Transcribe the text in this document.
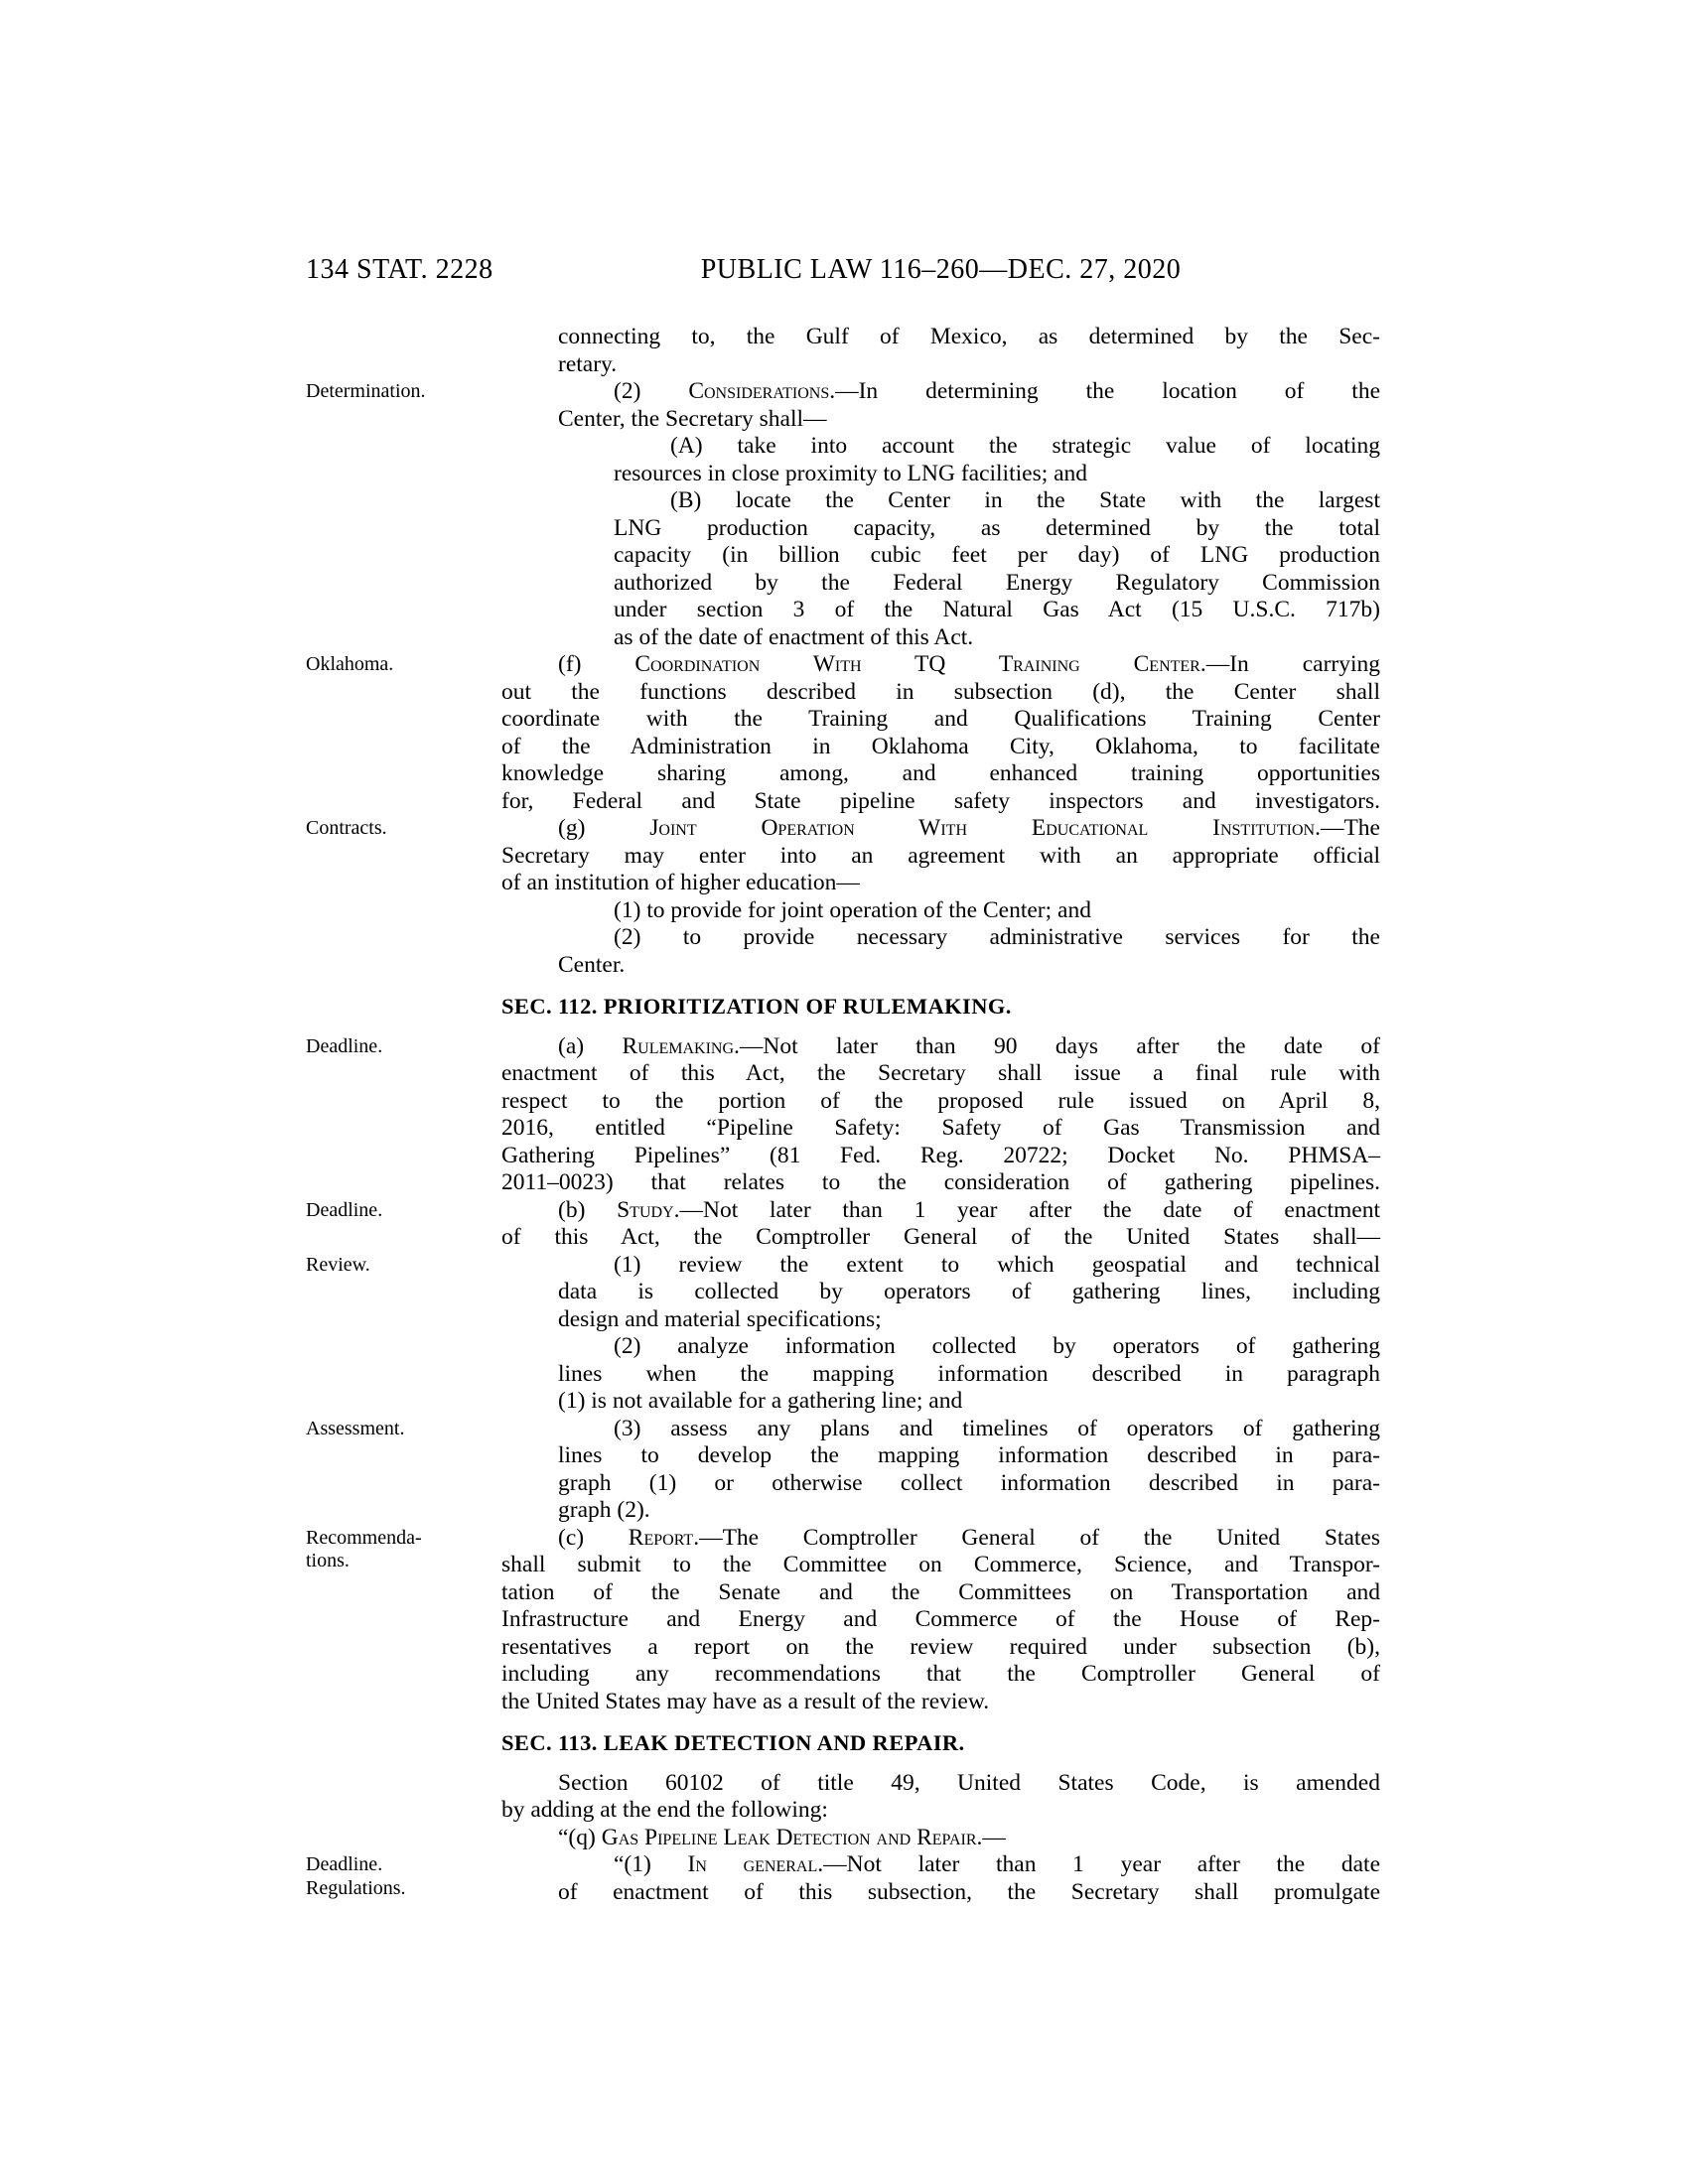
134 STAT. 2228	PUBLIC LAW 116–260—DEC. 27, 2020
connecting to, the Gulf of Mexico, as determined by the Sec-
retary.
Determination.	(2) Considerations.—In determining the location of the
Center, the Secretary shall—
(A) take into account the strategic value of locating
resources in close proximity to LNG facilities; and
(B) locate the Center in the State with the largest
LNG production capacity, as determined by the total
capacity (in billion cubic feet per day) of LNG production
authorized by the Federal Energy Regulatory Commission
under section 3 of the Natural Gas Act (15 U.S.C. 717b)
as of the date of enactment of this Act.
Oklahoma.	(f) Coordination With TQ Training Center.—In carrying
out the functions described in subsection (d), the Center shall
coordinate with the Training and Qualifications Training Center
of the Administration in Oklahoma City, Oklahoma, to facilitate
knowledge sharing among, and enhanced training opportunities
for, Federal and State pipeline safety inspectors and investigators.
Contracts.	(g) Joint Operation With Educational Institution.—The
Secretary may enter into an agreement with an appropriate official
of an institution of higher education—
(1) to provide for joint operation of the Center; and
(2) to provide necessary administrative services for the
Center.
SEC. 112. PRIORITIZATION OF RULEMAKING.
Deadline.	(a) Rulemaking.—Not later than 90 days after the date of
enactment of this Act, the Secretary shall issue a final rule with
respect to the portion of the proposed rule issued on April 8,
2016, entitled “Pipeline Safety: Safety of Gas Transmission and
Gathering Pipelines” (81 Fed. Reg. 20722; Docket No. PHMSA–
2011–0023) that relates to the consideration of gathering pipelines.
Deadline.	(b) Study.—Not later than 1 year after the date of enactment
of this Act, the Comptroller General of the United States shall—
Review.	(1) review the extent to which geospatial and technical
data is collected by operators of gathering lines, including
design and material specifications;
(2) analyze information collected by operators of gathering
lines when the mapping information described in paragraph
(1) is not available for a gathering line; and
Assessment.	(3) assess any plans and timelines of operators of gathering
lines to develop the mapping information described in para-
graph (1) or otherwise collect information described in para-
graph (2).
Recommenda-
tions.
(c) Report.—The Comptroller General of the United States
shall submit to the Committee on Commerce, Science, and Transpor-
tation of the Senate and the Committees on Transportation and
Infrastructure and Energy and Commerce of the House of Rep-
resentatives a report on the review required under subsection (b),
including any recommendations that the Comptroller General of
the United States may have as a result of the review.
SEC. 113. LEAK DETECTION AND REPAIR.
Section 60102 of title 49, United States Code, is amended
by adding at the end the following:
“(q) Gas Pipeline Leak Detection and Repair.—
Deadline.
Regulations.
“(1) In general.—Not later than 1 year after the date
of enactment of this subsection, the Secretary shall promulgate
